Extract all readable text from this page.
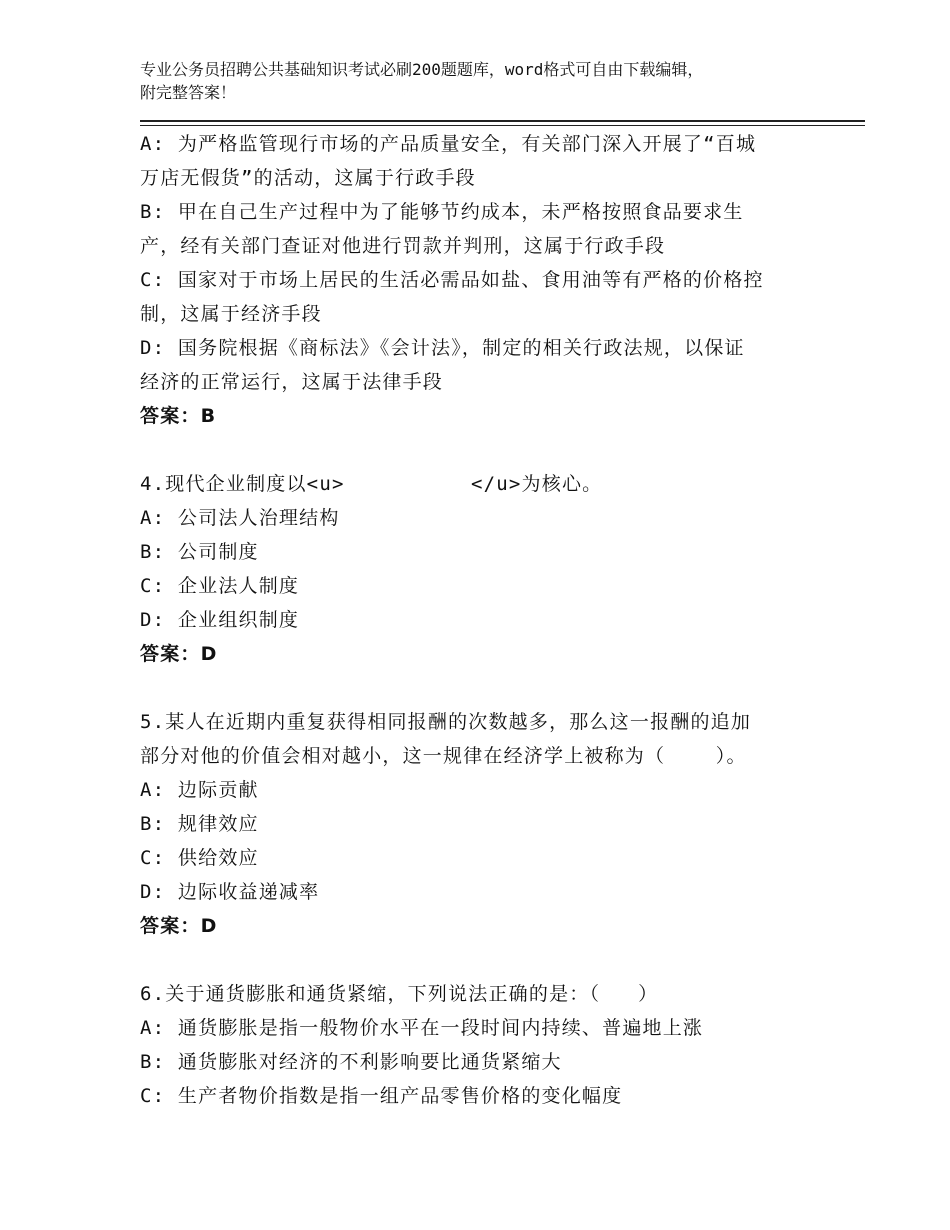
专业公务员招聘公共基础知识考试必刷200题题库，word格式可自由下载编辑，
附完整答案！
A: 为严格监管现行市场的产品质量安全，有关部门深入开展了“百城
万店无假货”的活动，这属于行政手段
B: 甲在自己生产过程中为了能够节约成本，未严格按照食品要求生
产，经有关部门查证对他进行罚款并判刑，这属于行政手段
C: 国家对于市场上居民的生活必需品如盐、食用油等有严格的价格控
制，这属于经济手段
D: 国务院根据《商标法》《会计法》，制定的相关行政法规，以保证
经济的正常运行，这属于法律手段
答案：B
4.现代企业制度以<u>          </u>为核心。
A: 公司法人治理结构
B: 公司制度
C: 企业法人制度
D: 企业组织制度
答案：D
5.某人在近期内重复获得相同报酬的次数越多，那么这一报酬的追加
部分对他的价值会相对越小，这一规律在经济学上被称为（    ）。
A: 边际贡献
B: 规律效应
C: 供给效应
D: 边际收益递减率
答案：D
6.关于通货膨胀和通货紧缩，下列说法正确的是：（   ）
A: 通货膨胀是指一般物价水平在一段时间内持续、普遍地上涨
B: 通货膨胀对经济的不利影响要比通货紧缩大
C: 生产者物价指数是指一组产品零售价格的变化幅度
